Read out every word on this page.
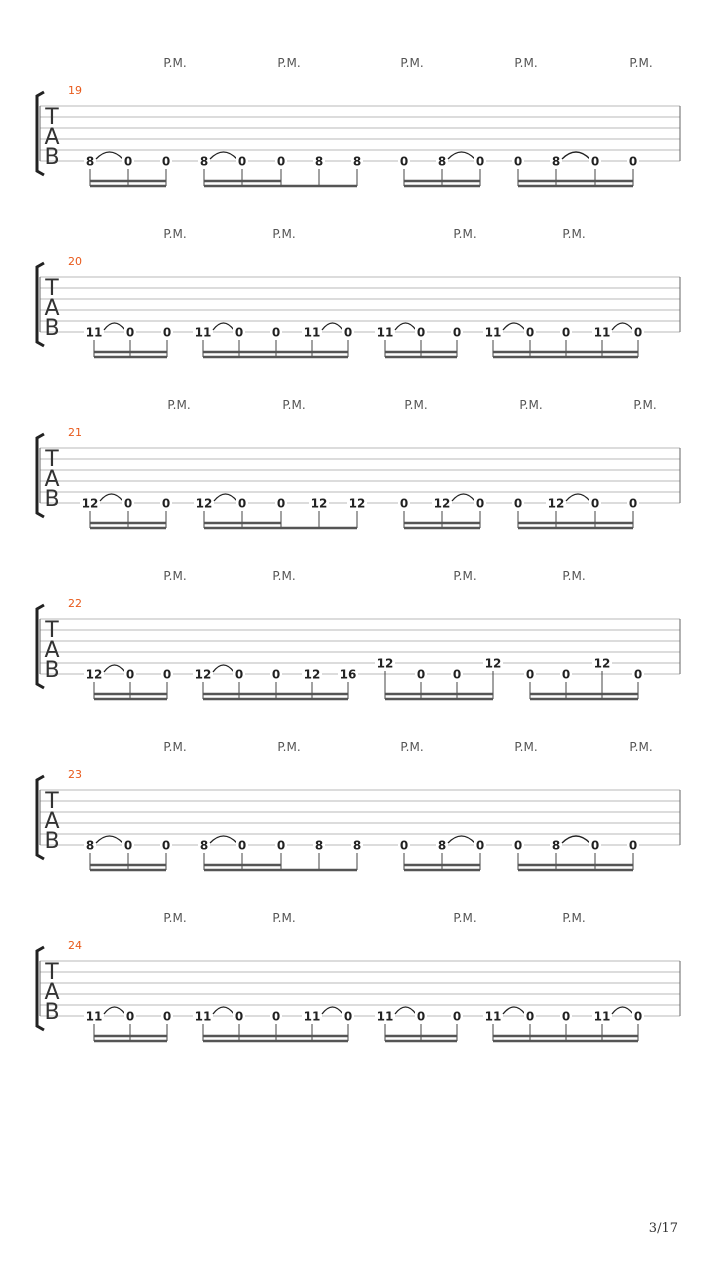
P.M.	P.M.	P.M.	P.M.	P.M.
19
T
A
B 8 0 0 8 0	0 8 8	0 8 0 0 8	0 0
P.M.	P.M.	P.M.	P.M.
20
T
A
B 11 0 0 11 0 0 11 0 11 0 0 11 0 0 11 0
P.M.	P.M.	P.M.	P.M.	P.M.
21
T
A
B 12 0 0 12 0	0 12 12	0 12 0 0 12 0 0
P.M.	P.M.	P.M.	P.M.
22
T
A
B 12 0 0 12 0 0 12 16
12
0 0
12
0 0
12
0
P.M.	P.M.	P.M.	P.M.	P.M.
23
T
A
B 8 0 0 8 0	0 8 8	0 8 0 0 8	0 0
P.M.	P.M.	P.M.	P.M.
24
T
A
B 11 0 0 11 0 0 11 0 11 0 0 11 0 0 11 0
3/17
